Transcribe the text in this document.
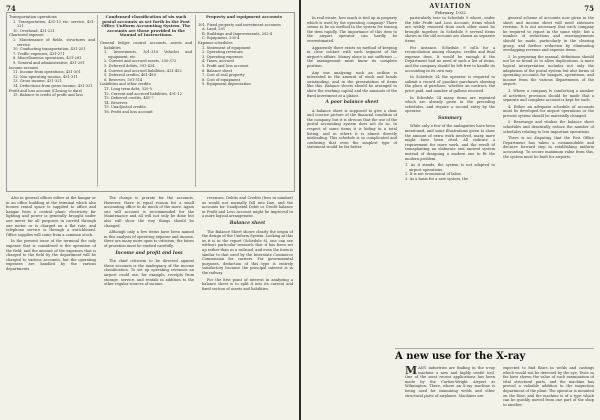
74

Transportation operations

1. Transportation, 431-13 etc. service, 431-221

10. Overhead, 431-221

Chartered expense

2. Maintenance of fields, structures and service

10. Conducting transportation, 431-251

7. Traffic expenses, 431-271

8. Miscellaneous operations, 431-281

9. General and administrative, 431-291

Income account

11. Income from operations, 431-301

12. Non-operating income, 431-311

13. Gross income, 431-321

14. Deductions from gross income, 431-331

Profit and loss account (Closing to date)

15. Balance to credit of profit and loss

Condensed classification of six such postal accounts as set forth in the Post Office Uniform Accounting System. The accounts are those provided in the Manual of Instructions.

General ledger control accounts, assets and liabilities

1. Investments, 301-310 Vehicles and equipment, etc.

2. Current and accrued assets, 330-372

3. Deferred debits, 391-424

4. Current and accrued liabilities, 431-452

5. Deferred credits, 461-489

6. Reserves, 501-514

Liabilities and other credits

T1. Long term debt, 320-5

T2. Current and accrued liabilities, 431-12

T3. Deferred credits, 441-7

T4. Reserves

T5. Unadjusted credits

T6. Profit and loss account

Property and equipment accounts

101. Fixed property and investment accounts

A. Land, 201

B. Buildings and Improvements, 202-4

C. Equipment, 205-4

Expense schedules

1. Statement of equipment

2. Operating revenues

3. Operating expenses

4. Taxes, accrued

5. Profit and loss account

6. Balance sheet

7. Cost of real property

8. Cost of equipment

9. Equipment depreciation

Also in general offices either at the hangar or in an office building at the terminal which also houses rental space is supplied to office and hangar from a central plant; electricity for lighting and power is generally brought under one meter for all purposes in carried through one meter or is charged on a flat rate, and telephone service is through a switchboard. Office supplies will come from a common stock.

In the present issue of the terminal the only expense that is considered is the operation of the field; and the amount of the expenses that is charged to the field by the department will be charged to various accounts, but the operating expenses are handled by the various departments.

The charge is prorate for the accounts. However, there is equal reason for a small accounting office to do much of the more. Again one will account is recommended for the Maintenance and all will not only be done but also will show the way things should be changed.

Although only a few items have been named in this analysis of operating expense and income, there are many more open to criticism; the bases of proration must be studied carefully.

Income and profit and loss

The chief criticism to be directed against these accounts is the inadequacy of the income classification. To set up operating revenues an airport could use, for example, receipts from storage, service, and rentals in addition to the other regular sources of income.

revenues, Debits and Credits (fees in number) as would not normally fall into line, and the accounts for Unadjusted Debit or Credit balance in Profit and Loss Account might be improved to a more logical arrangement.

Balance sheet

The Balance Sheet shows clearly the origin of the design of the Uniform System. Looking at this as it is in the report (Schedule 6), one can see without particular research that it has been set up rather than as a railroad, and even the form is similar to that used by the Interstate Commerce Commission for carriers. For governmental purposes, deduction of this type is entirely satisfactory because the principal interest is in the railway.

For the first point of interest in analyzing a balance sheet is to split it into its current and fixed section of assets and liabilities.

AVIATION
February, 1932	75

In real estate, how much is tied up in property which is used by the operating company? There seems to be no method in the system for tracing the item rapidly. The importance of this item to the airport operator can hardly be overestimated.

Apparently there exists no method of keeping in close contact with each segment of the airport's affairs. Money alone is not sufficient — the management must know its complete position.

Any one analyzing such an outline is interested in the amount of stock and bonds outstanding, and in the presentation of items like this. Balance sheets should be arranged to show the working capital and the amounts of the fixed investment at a glance.

A poor balance sheet

A balance sheet is supposed to give a clear and concise picture of the financial condition of the company, but it is obvious that the use of the postal accounting system does not do so. In respect of some items it is hiding in a total listing, and in others it is almost directly misleading. This schedule is so complicated and confusing that even the simplest type of statement would be far better.

particularly true in Schedule 9 where, under the title Profit and Loss Account, items which are widely removed from each other must be brought together. In Schedule 9 several items shown in the old account are shown as separate items.

For instance, Schedule 9 calls for a reconciliation among charges, credits and final expense item. It would be enough if the Department had no need of such a list of items, and the company should be left free to handle its accounting in its own way.

In Schedule 24 the operator is required to submit a record of gasoline purchases showing the place of purchase, whether on contract, the price paid, and number of gallons received.

In Schedule 24 many items are repeated which are already given in the preceding schedules, and require a second entry by the operator.

Summary

While only a few of the ambiguities have been mentioned, and some illustrations given to show the amount of extra work involved, many more might have been cited. All indicate a requirement for more work, and the result of transplanting an elaborate and ancient system instead of designing a modern one to fit the modern problem.

1. As it stands, the system is not adapted to airport operations.

2. It is not economical of labor.

3. As a basis for a new system, the

general scheme of accounts now given in the sheet and income sheet will need extensive revision. It is not necessary that each company be required to report in the same style; but a number of reductions and rearrangements should be made, particularly in the clearing group, and further reduction by eliminating overlapping revenue and expense items.

2. In preparing the manual, definitions should not be so broad as to allow duplications. A more logical interpretation includes not only the adaptation of the postal system but also forms of operating accounts for hangars, operations, and income from the various departments of the airport.

3. Where a company is conducting a number of activities, provision should be made that a separate and complete account is kept for each.

4. Either an adequate schedule of accounts must be developed for airport operations or the present system should be materially changed.

5. Rearrange and vitalize the balance sheet schedules and drastically reduce the number of schedules relating to less important operations.

There is no disputing that the Post Office Department has taken a commendable and decisive forward step in establishing uniform accounting. To secure maximum value from this, the system must be built for airports.

A new use for the X-ray
MANY industries are finding in the x-ray machine a new and highly useful tool. One of the most recent applications has been made by the Curtiss-Wright Airport at Wilmington. There, where an X-ray machine is being used for examining welds and other structural parts of airplanes. Machines are
expected to find flaws in welds and castings which would not be detected by the eye. Tests so far have shown the value of such examination of vital structural parts, and the machine has proved a valuable addition to the inspection department of the plant. The operator is mounted on the floor, and the machine is of a type which can be quickly moved from one part of the shop to another.
